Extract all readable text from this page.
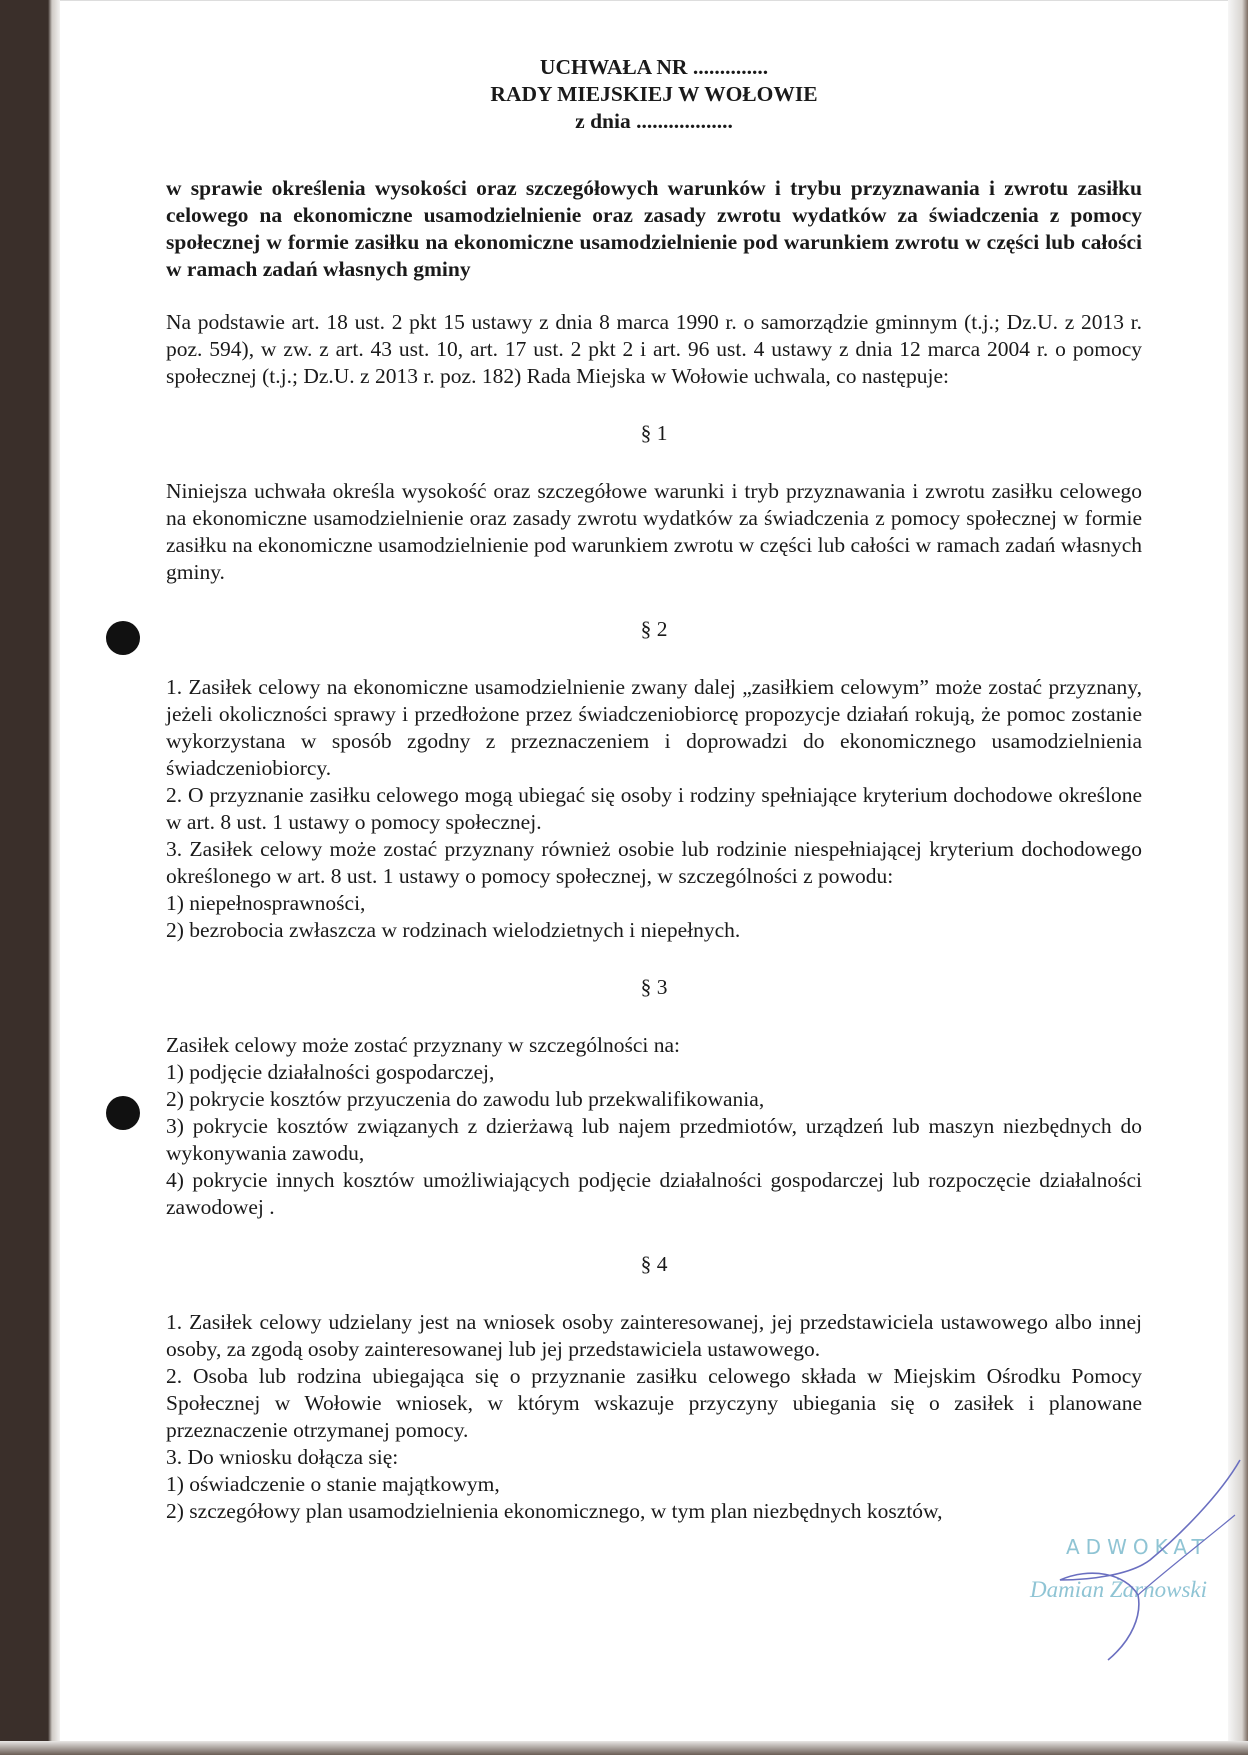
UCHWAŁA NR ..............
RADY MIEJSKIEJ W WOŁOWIE
z dnia ..................
w sprawie określenia wysokości oraz szczegółowych warunków i trybu przyznawania i zwrotu zasiłku celowego na ekonomiczne usamodzielnienie oraz zasady zwrotu wydatków za świadczenia z pomocy społecznej w formie zasiłku na ekonomiczne usamodzielnienie pod warunkiem zwrotu w części lub całości w ramach zadań własnych gminy
Na podstawie art. 18 ust. 2 pkt 15 ustawy z dnia 8 marca 1990 r. o samorządzie gminnym (t.j.; Dz.U. z 2013 r. poz. 594), w zw. z art. 43 ust. 10, art. 17 ust. 2 pkt 2 i art. 96 ust. 4 ustawy z dnia 12 marca 2004 r. o pomocy społecznej (t.j.; Dz.U. z 2013 r. poz. 182) Rada Miejska w Wołowie uchwala, co następuje:
§ 1
Niniejsza uchwała określa wysokość oraz szczegółowe warunki i tryb przyznawania i zwrotu zasiłku celowego na ekonomiczne usamodzielnienie oraz zasady zwrotu wydatków za świadczenia z pomocy społecznej w formie zasiłku na ekonomiczne usamodzielnienie pod warunkiem zwrotu w części lub całości w ramach zadań własnych gminy.
§ 2
1. Zasiłek celowy na ekonomiczne usamodzielnienie zwany dalej „zasiłkiem celowym” może zostać przyznany, jeżeli okoliczności sprawy i przedłożone przez świadczeniobiorcę propozycje działań rokują, że pomoc zostanie wykorzystana w sposób zgodny z przeznaczeniem i doprowadzi do ekonomicznego usamodzielnienia świadczeniobiorcy.
2. O przyznanie zasiłku celowego mogą ubiegać się osoby i rodziny spełniające kryterium dochodowe określone w art. 8 ust. 1 ustawy o pomocy społecznej.
3. Zasiłek celowy może zostać przyznany również osobie lub rodzinie niespełniającej kryterium dochodowego określonego w art. 8 ust. 1 ustawy o pomocy społecznej, w szczególności z powodu:
1) niepełnosprawności,
2) bezrobocia zwłaszcza w rodzinach wielodzietnych i niepełnych.
§ 3
Zasiłek celowy może zostać przyznany w szczególności na:
1) podjęcie działalności gospodarczej,
2) pokrycie kosztów przyuczenia do zawodu lub przekwalifikowania,
3) pokrycie kosztów związanych z dzierżawą lub najem przedmiotów, urządzeń lub maszyn niezbędnych do wykonywania zawodu,
4) pokrycie innych kosztów umożliwiających podjęcie działalności gospodarczej lub rozpoczęcie działalności zawodowej .
§ 4
1. Zasiłek celowy udzielany jest na wniosek osoby zainteresowanej, jej przedstawiciela ustawowego albo innej osoby, za zgodą osoby zainteresowanej lub jej przedstawiciela ustawowego.
2. Osoba lub rodzina ubiegająca się o przyznanie zasiłku celowego składa w Miejskim Ośrodku Pomocy Społecznej w Wołowie wniosek, w którym wskazuje przyczyny ubiegania się o zasiłek i planowane przeznaczenie otrzymanej pomocy.
3. Do wniosku dołącza się:
1) oświadczenie o stanie majątkowym,
2) szczegółowy plan usamodzielnienia ekonomicznego, w tym plan niezbędnych kosztów,
ADWOKAT
Damian Żarnowski
